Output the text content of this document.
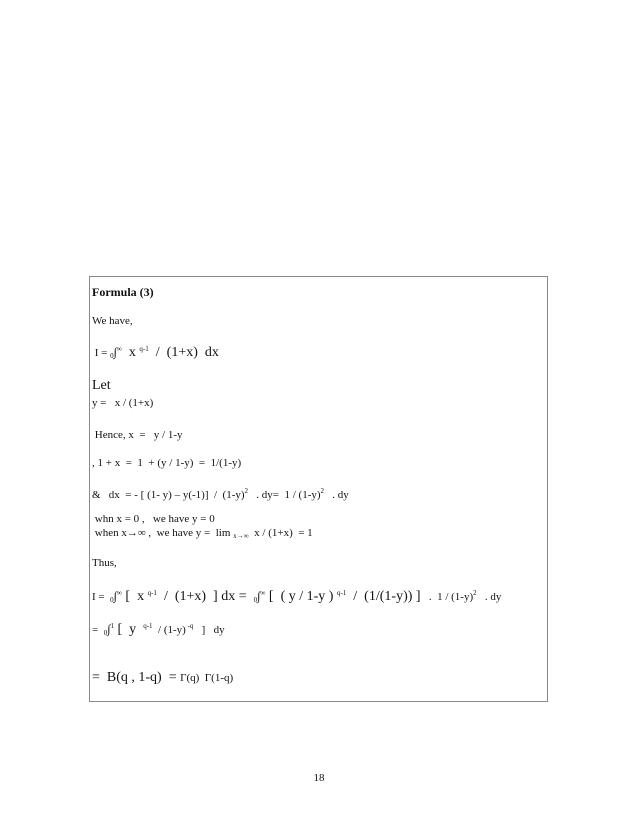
Formula (3)
We have,
I = $_0$∫∞  x $^{q-1}$  /  (1+x)  dx
Let
y =   x / (1+x)
Hence, x  =   y / 1-y
, 1 + x  =  1  + (y / 1-y)  =  1/(1-y)
&   dx  = - [ (1- $y) - y(-1)] / (1-y)^2$   . $dy= 1 / (1-y)^2$   . dy
whn x = 0 ,   we have y = 0
when x→∞ ,  we have y =  lim $_{x\to\infty}$  x / (1+x)  = 1
Thus,
I =  $_0$∫∞ [  x $^{q-1}$  /  (1+x)  ] dx =  $_0$∫∞ [  ( y / 1-y ) $^{q-1}$  /  (1/(1-y)) ]   .  $1 / (1-y)^2$   . dy
=  $_0$∫$^1$ [  y  $^{q-1}$  / (1-y) $^{-q}$   ]   dy
=  B(q , 1-q)  = Γ(q)  Γ(1-q)
18
